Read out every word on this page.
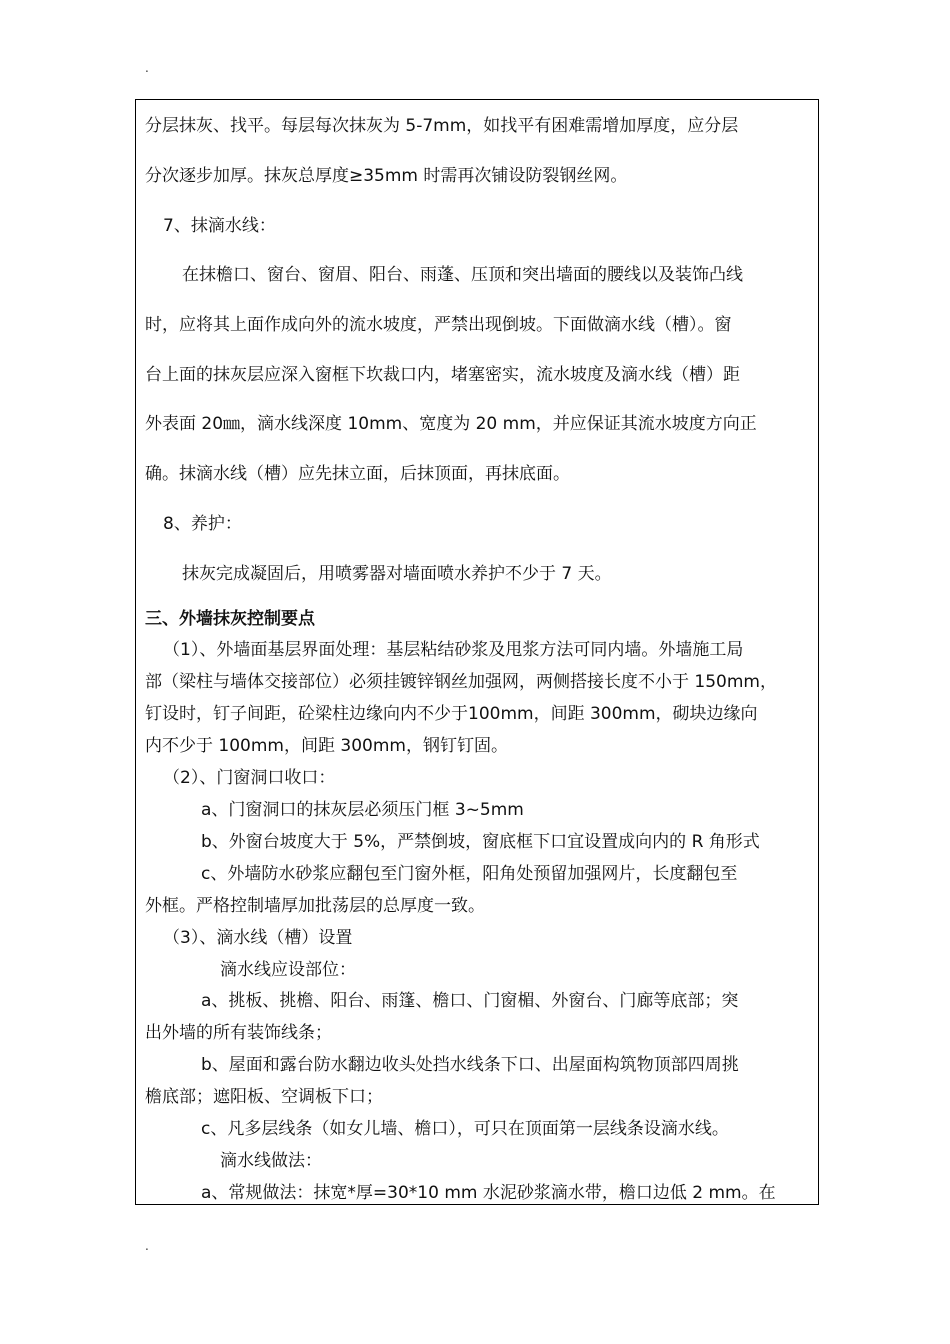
.
分层抹灰、找平。每层每次抹灰为 5-7mm，如找平有困难需增加厚度，应分层
分次逐步加厚。抹灰总厚度≥35mm 时需再次铺设防裂钢丝网。
7、抹滴水线：
在抹檐口、窗台、窗眉、阳台、雨蓬、压顶和突出墙面的腰线以及装饰凸线
时，应将其上面作成向外的流水坡度，严禁出现倒坡。下面做滴水线（槽）。窗
台上面的抹灰层应深入窗框下坎裁口内，堵塞密实，流水坡度及滴水线（槽）距
外表面 20㎜，滴水线深度 10mm、宽度为 20 mm，并应保证其流水坡度方向正
确。抹滴水线（槽）应先抹立面，后抹顶面，再抹底面。
8、养护：
抹灰完成凝固后，用喷雾器对墙面喷水养护不少于 7 天。
三、外墙抹灰控制要点
（1）、外墙面基层界面处理：基层粘结砂浆及甩浆方法可同内墙。外墙施工局
部（梁柱与墙体交接部位）必须挂镀锌钢丝加强网，两侧搭接长度不小于 150mm，
钉设时，钉子间距，砼梁柱边缘向内不少于100mm，间距 300mm，砌块边缘向
内不少于 100mm，间距 300mm，钢钉钉固。
（2）、门窗洞口收口：
a、门窗洞口的抹灰层必须压门框 3~5mm
b、外窗台坡度大于 5%，严禁倒坡，窗底框下口宜设置成向内的 R 角形式
c、外墙防水砂浆应翻包至门窗外框，阳角处预留加强网片，长度翻包至
外框。严格控制墙厚加批荡层的总厚度一致。
（3）、滴水线（槽）设置
滴水线应设部位：
a、挑板、挑檐、阳台、雨篷、檐口、门窗楣、外窗台、门廊等底部；突
出外墙的所有装饰线条；
b、屋面和露台防水翻边收头处挡水线条下口、出屋面构筑物顶部四周挑
檐底部；遮阳板、空调板下口；
c、凡多层线条（如女儿墙、檐口），可只在顶面第一层线条设滴水线。
滴水线做法：
a、常规做法：抹宽*厚=30*10 mm 水泥砂浆滴水带，檐口边低 2 mm。在
.
